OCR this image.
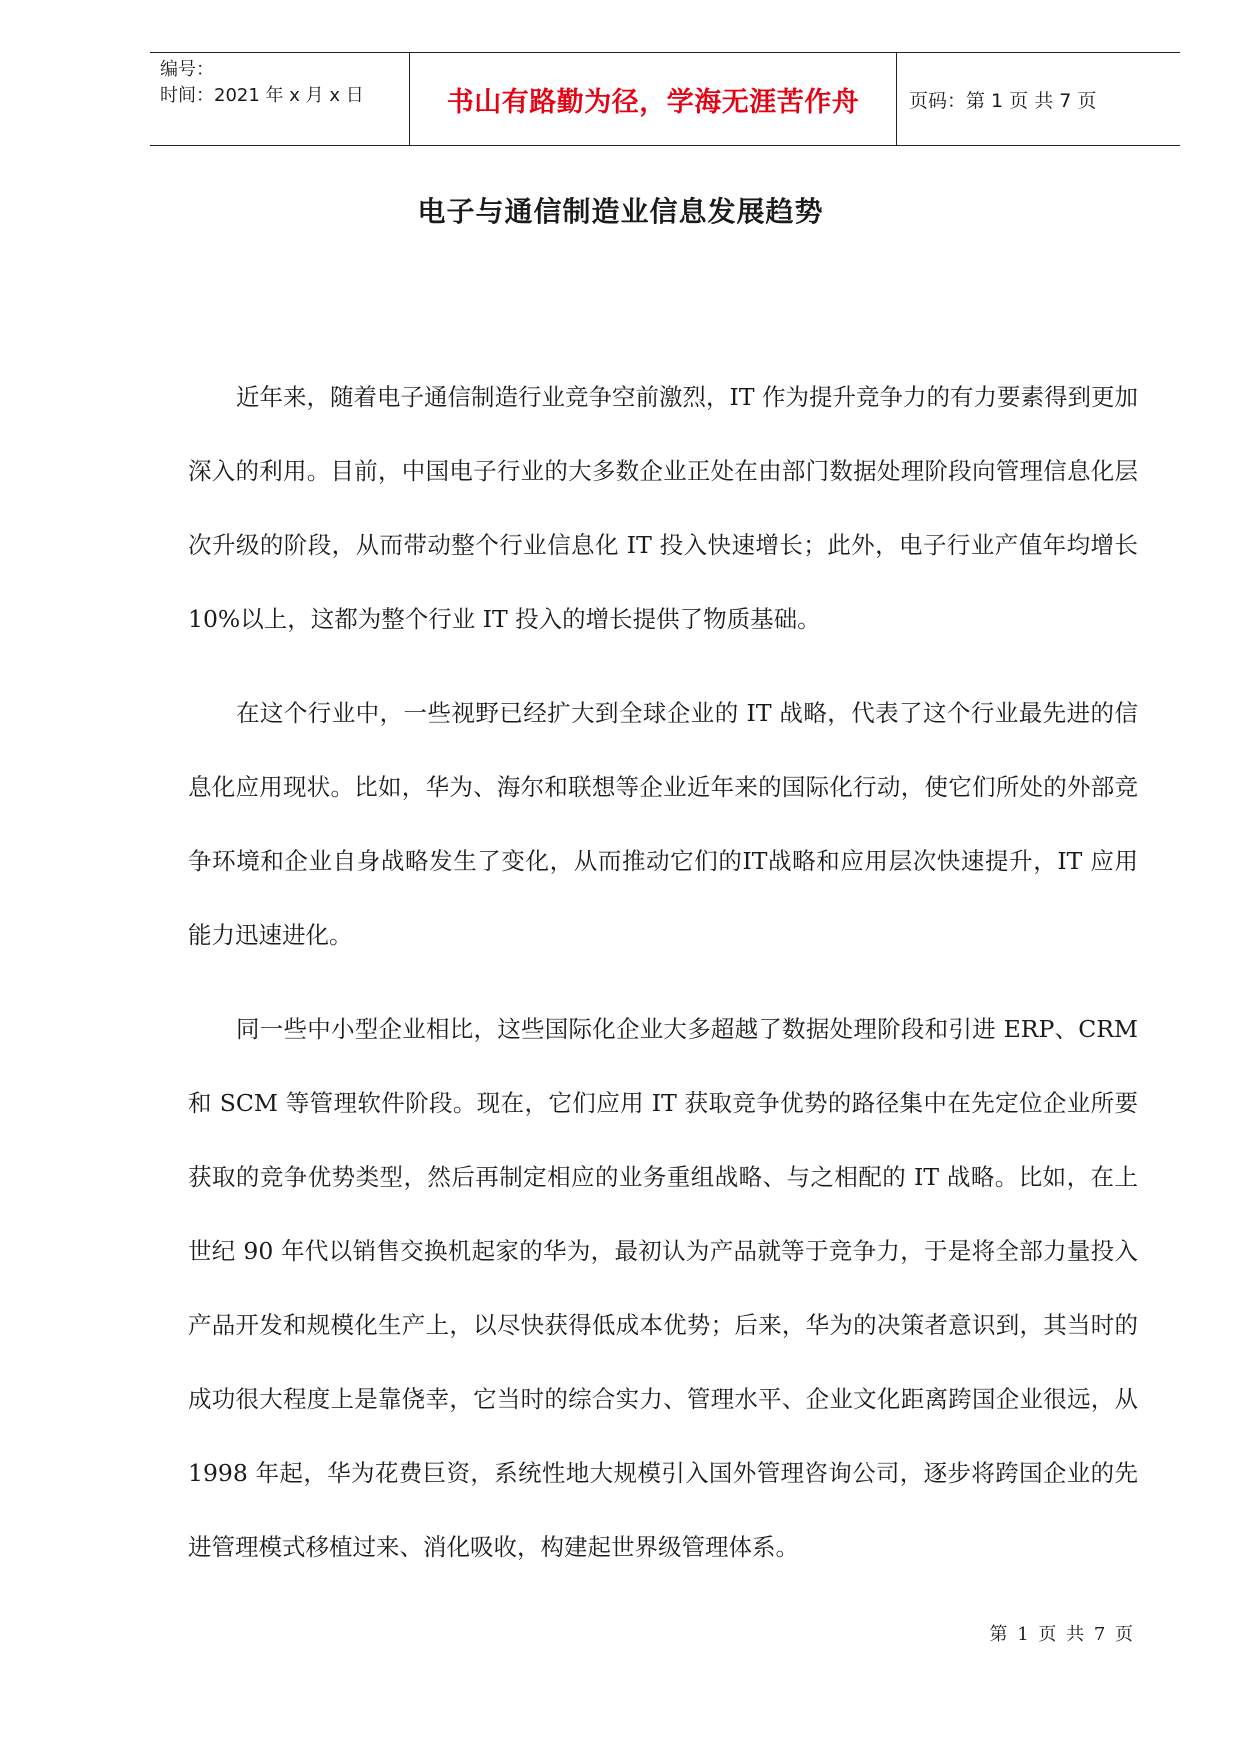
编号：
时间：2021 年 x 月 x 日	书山有路勤为径，学海无涯苦作舟	页码：第 1 页 共 7 页
电子与通信制造业信息发展趋势

近年来，随着电子通信制造行业竞争空前激烈，IT 作为提升竞争力的有力要素得到更加深入的利用。目前，中国电子行业的大多数企业正处在由部门数据处理阶段向管理信息化层次升级的阶段，从而带动整个行业信息化 IT 投入快速增长；此外，电子行业产值年均增长 10%以上，这都为整个行业 IT 投入的增长提供了物质基础。

在这个行业中，一些视野已经扩大到全球企业的 IT 战略，代表了这个行业最先进的信息化应用现状。比如，华为、海尔和联想等企业近年来的国际化行动，使它们所处的外部竞争环境和企业自身战略发生了变化，从而推动它们的IT战略和应用层次快速提升，IT 应用能力迅速进化。

同一些中小型企业相比，这些国际化企业大多超越了数据处理阶段和引进 ERP、CRM 和 SCM 等管理软件阶段。现在，它们应用 IT 获取竞争优势的路径集中在先定位企业所要获取的竞争优势类型，然后再制定相应的业务重组战略、与之相配的 IT 战略。比如，在上世纪 90 年代以销售交换机起家的华为，最初认为产品就等于竞争力，于是将全部力量投入产品开发和规模化生产上，以尽快获得低成本优势；后来，华为的决策者意识到，其当时的成功很大程度上是靠侥幸，它当时的综合实力、管理水平、企业文化距离跨国企业很远，从 1998 年起，华为花费巨资，系统性地大规模引入国外管理咨询公司，逐步将跨国企业的先进管理模式移植过来、消化吸收，构建起世界级管理体系。

第 1 页 共 7 页
